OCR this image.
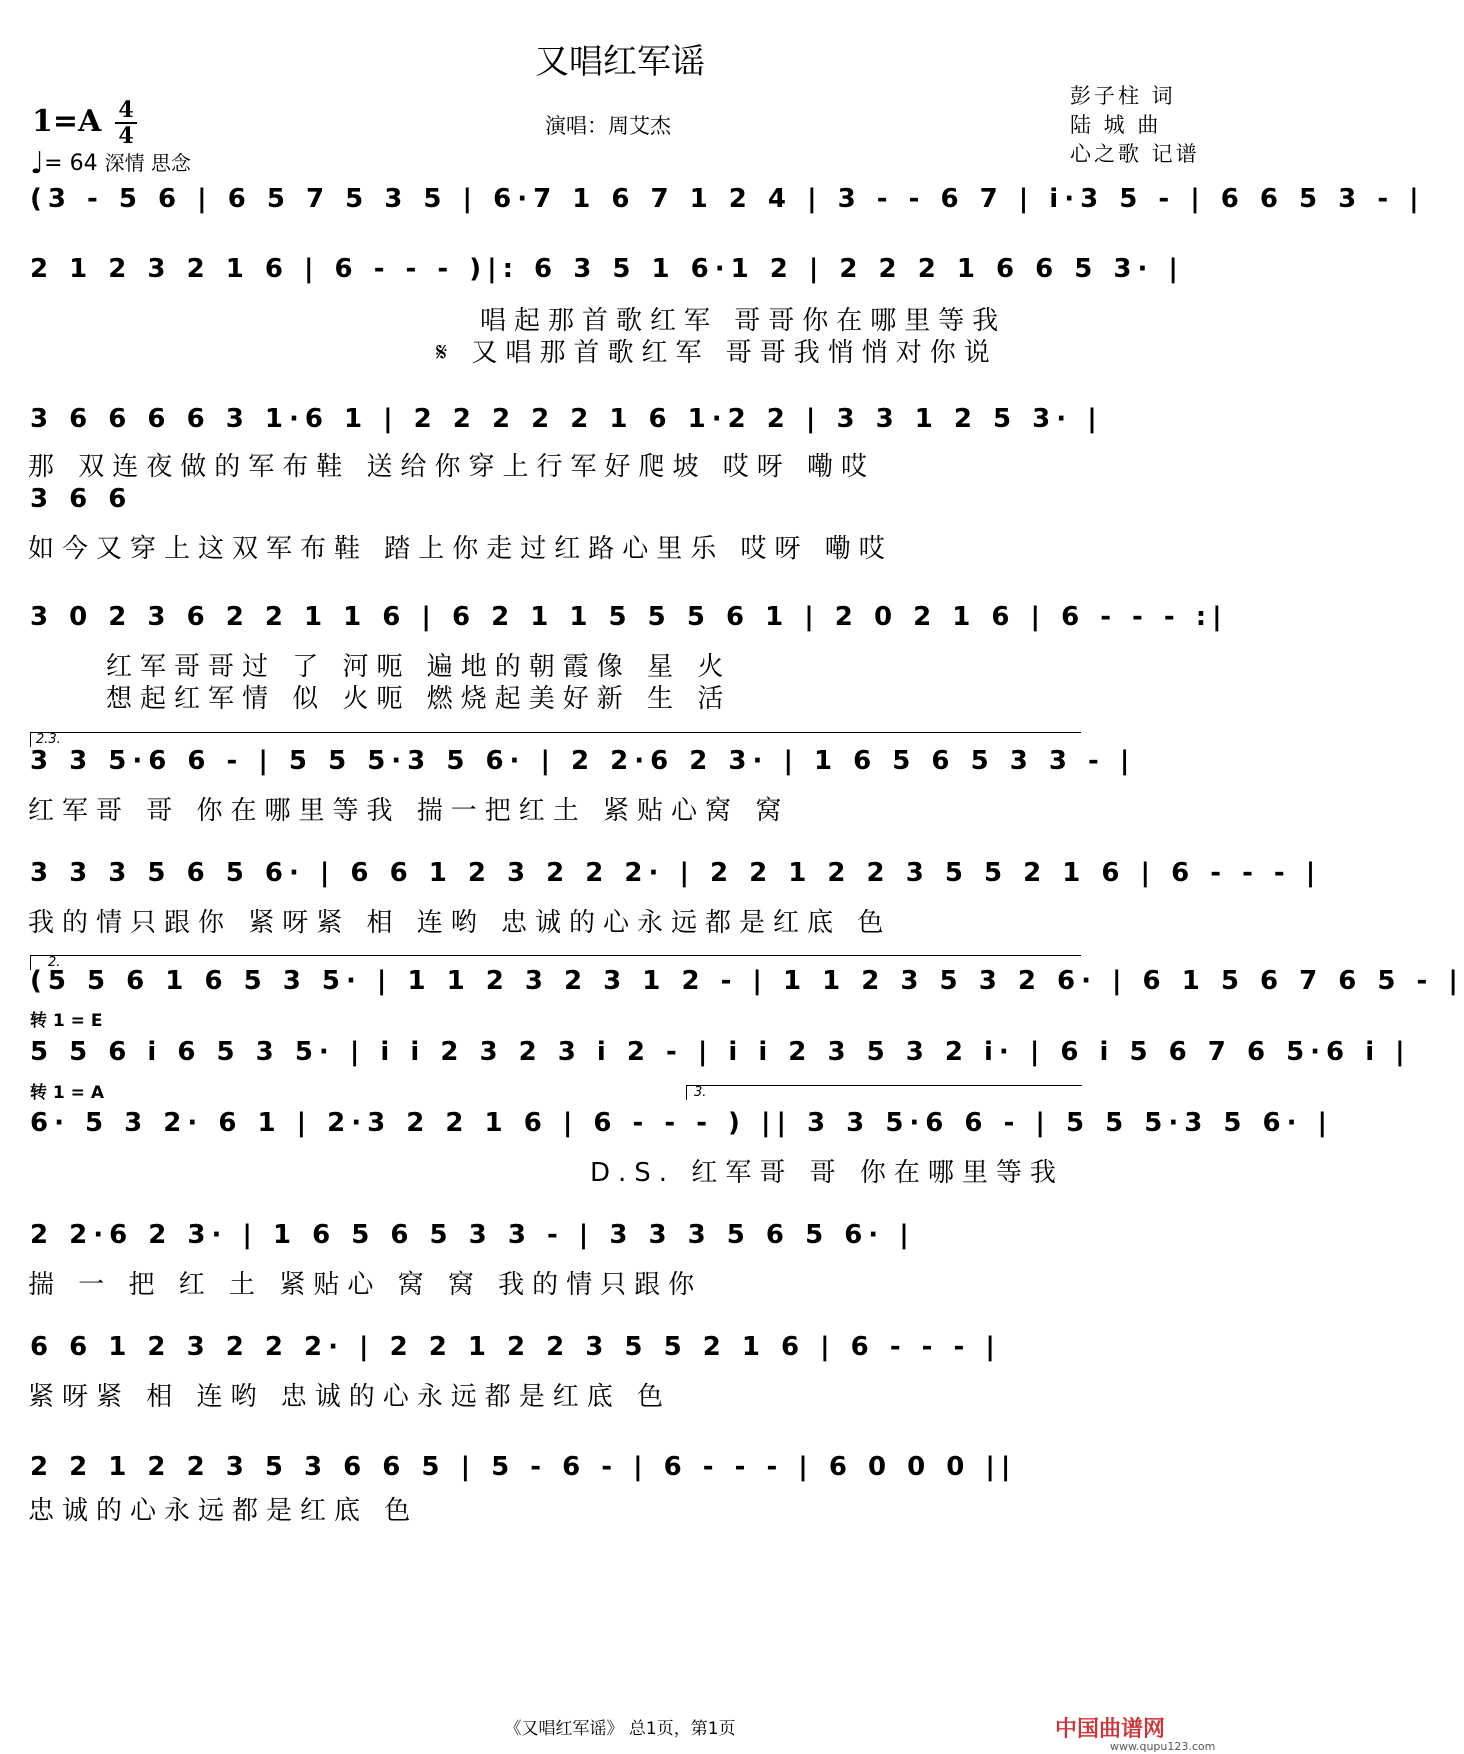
又唱红军谣
1=A 4
4
♩= 64 深情 思念
演唱：周艾杰
彭子柱 词
陆 城 曲
心之歌 记谱
2.3.
2.
3.
(3 - 5 6 | 6 5 7 5 3 5 | 6·7 1 6 7 1 2 4 | 3 - - 6 7 | i·3 5 - | 6 6 5 3 - |
2 1 2 3 2 1 6 | 6 - - - )|: 6 3 5 1 6·1 2 | 2 2 2 1 6 6 5 3· |
3 6 6 6 6 3 1·6 1 | 2 2 2 2 2 1 6 1·2 2 | 3 3 1 2 5 3· |
3 6 6
3 0 2 3 6 2 2 1 1 6 | 6 2 1 1 5 5 5 6 1 | 2 0 2 1 6 | 6 - - - :|
3 3 5·6 6 - | 5 5 5·3 5 6· | 2 2·6 2 3· | 1 6 5 6 5 3 3 - |
3 3 3 5 6 5 6· | 6 6 1 2 3 2 2 2· | 2 2 1 2 2 3 5 5 2 1 6 | 6 - - - |
(5 5 6 1 6 5 3 5· | 1 1 2 3 2 3 1 2 - | 1 1 2 3 5 3 2 6· | 6 1 5 6 7 6 5 - |
5 5 6 i 6 5 3 5· | i i 2 3 2 3 i 2 - | i i 2 3 5 3 2 i· | 6 i 5 6 7 6 5·6 i |
6· 5 3 2· 6 1 | 2·3 2 2 1 6 | 6 - - - ) || 3 3 5·6 6 - | 5 5 5·3 5 6· |
2 2·6 2 3· | 1 6 5 6 5 3 3 - | 3 3 3 5 6 5 6· |
6 6 1 2 3 2 2 2· | 2 2 1 2 2 3 5 5 2 1 6 | 6 - - - |
2 2 1 2 2 3 5 3 6 6 5 | 5 - 6 - | 6 - - - | 6 0 0 0 ||
唱起那首歌红军 哥哥你在哪里等我
𝄋 又唱那首歌红军 哥哥我悄悄对你说
那 双连夜做的军布鞋 送给你穿上行军好爬坡 哎呀 嘞哎
如今又穿上这双军布鞋 踏上你走过红路心里乐 哎呀 嘞哎
红军哥哥过 了 河呃 遍地的朝霞像 星 火
想起红军情 似 火呃 燃烧起美好新 生 活
红军哥 哥 你在哪里等我 揣一把红土 紧贴心窝 窝
我的情只跟你 紧呀紧 相 连哟 忠诚的心永远都是红底 色
D.S. 红军哥 哥 你在哪里等我
揣 一 把 红 土 紧贴心 窝 窝 我的情只跟你
紧呀紧 相 连哟 忠诚的心永远都是红底 色
忠诚的心永远都是红底 色
转 1 = E
转 1 = A
《又唱红军谣》 总1页，第1页	中国曲谱网
www.qupu123.com
